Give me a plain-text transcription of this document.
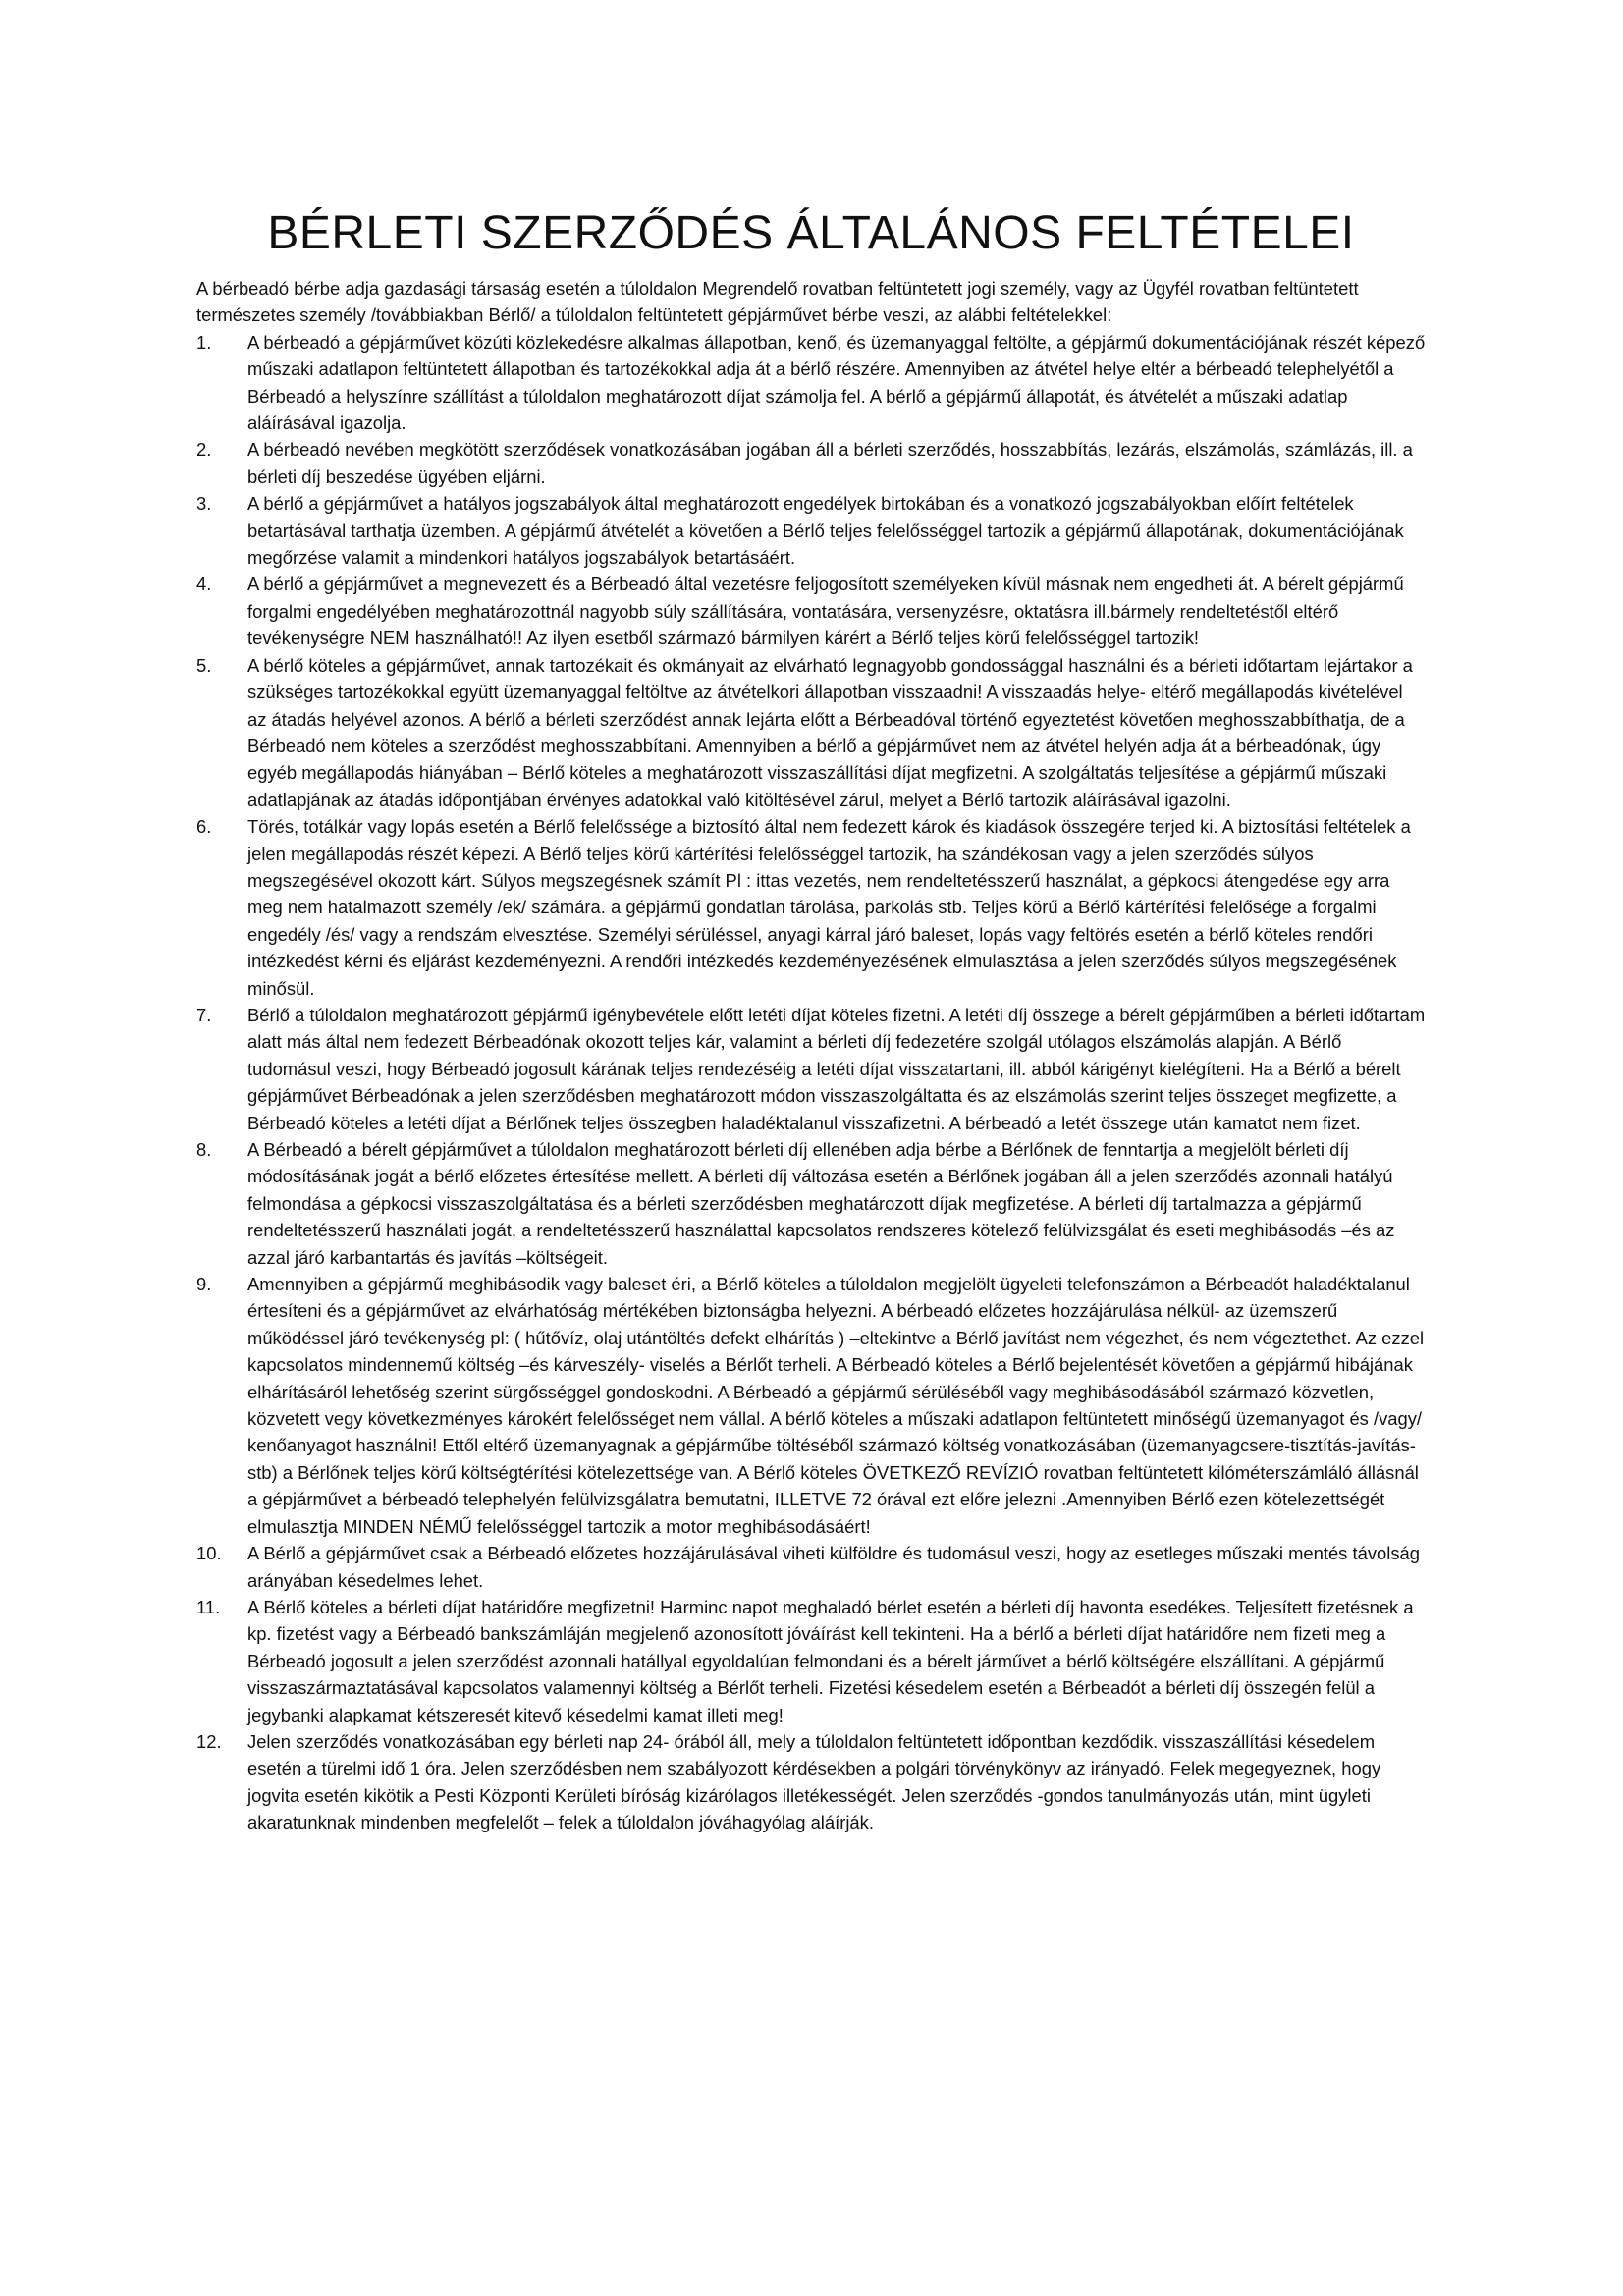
BÉRLETI SZERZŐDÉS ÁLTALÁNOS FELTÉTELEI

A bérbeadó bérbe adja gazdasági társaság esetén a túloldalon Megrendelő rovatban feltüntetett jogi személy, vagy az Ügyfél rovatban feltüntetett természetes személy /továbbiakban Bérlő/ a túloldalon feltüntetett gépjárművet bérbe veszi, az alábbi feltételekkel:

1.	A bérbeadó a gépjárművet közúti közlekedésre alkalmas állapotban, kenő, és üzemanyaggal feltölte, a gépjármű dokumentációjának részét képező műszaki adatlapon feltüntetett állapotban és tartozékokkal adja át a bérlő részére. Amennyiben az átvétel helye eltér a bérbeadó telephelyétől a Bérbeadó a helyszínre szállítást a túloldalon meghatározott díjat számolja fel. A bérlő a gépjármű állapotát, és átvételét a műszaki adatlap aláírásával igazolja.
2.	A bérbeadó nevében megkötött szerződések vonatkozásában jogában áll a bérleti szerződés, hosszabbítás, lezárás, elszámolás, számlázás, ill. a bérleti díj beszedése ügyében eljárni.
3.	A bérlő a gépjárművet a hatályos jogszabályok által meghatározott engedélyek birtokában és a vonatkozó jogszabályokban előírt feltételek betartásával tarthatja üzemben. A gépjármű átvételét a követően a Bérlő teljes felelősséggel tartozik a gépjármű állapotának, dokumentációjának megőrzése valamit a mindenkori hatályos jogszabályok betartásáért.
4.	A bérlő a gépjárművet a megnevezett és a Bérbeadó által vezetésre feljogosított személyeken kívül másnak nem engedheti át. A bérelt gépjármű forgalmi engedélyében meghatározottnál nagyobb súly szállítására, vontatására, versenyzésre, oktatásra ill.bármely rendeltetéstől eltérő tevékenységre NEM használható!! Az ilyen esetből származó bármilyen kárért a Bérlő teljes körű felelősséggel tartozik!
5.	A bérlő köteles a gépjárművet, annak tartozékait és okmányait az elvárható legnagyobb gondossággal használni és a bérleti időtartam lejártakor a szükséges tartozékokkal együtt üzemanyaggal feltöltve az átvételkori állapotban visszaadni! A visszaadás helye- eltérő megállapodás kivételével az átadás helyével azonos. A bérlő a bérleti szerződést annak lejárta előtt a Bérbeadóval történő egyeztetést követően meghosszabbíthatja, de a Bérbeadó nem köteles a szerződést meghosszabbítani. Amennyiben a bérlő a gépjárművet nem az átvétel helyén adja át a bérbeadónak, úgy egyéb megállapodás hiányában – Bérlő köteles a meghatározott visszaszállítási díjat megfizetni. A szolgáltatás teljesítése a gépjármű műszaki adatlapjának az átadás időpontjában érvényes adatokkal való kitöltésével zárul, melyet a Bérlő tartozik aláírásával igazolni.
6.	Törés, totálkár vagy lopás esetén a Bérlő felelőssége a biztosító által nem fedezett károk és kiadások összegére terjed ki. A biztosítási feltételek a jelen megállapodás részét képezi. A Bérlő teljes körű kártérítési felelősséggel tartozik, ha szándékosan vagy a jelen szerződés súlyos megszegésével okozott kárt. Súlyos megszegésnek számít Pl : ittas vezetés, nem rendeltetésszerű használat, a gépkocsi átengedése egy arra meg nem hatalmazott személy /ek/ számára. a gépjármű gondatlan tárolása, parkolás stb. Teljes körű a Bérlő kártérítési felelősége a forgalmi engedély /és/ vagy a rendszám elvesztése. Személyi sérüléssel, anyagi kárral járó baleset, lopás vagy feltörés esetén a bérlő köteles rendőri intézkedést kérni és eljárást kezdeményezni. A rendőri intézkedés kezdeményezésének elmulasztása a jelen szerződés súlyos megszegésének minősül.
7.	Bérlő a túloldalon meghatározott gépjármű igénybevétele előtt letéti díjat köteles fizetni. A letéti díj összege a bérelt gépjárműben a bérleti időtartam alatt más által nem fedezett Bérbeadónak okozott teljes kár, valamint a bérleti díj fedezetére szolgál utólagos elszámolás alapján. A Bérlő tudomásul veszi, hogy Bérbeadó jogosult kárának teljes rendezéséig a letéti díjat visszatartani, ill. abból kárigényt kielégíteni. Ha a Bérlő a bérelt gépjárművet Bérbeadónak a jelen szerződésben meghatározott módon visszaszolgáltatta és az elszámolás szerint teljes összeget megfizette, a Bérbeadó köteles a letéti díjat a Bérlőnek teljes összegben haladéktalanul visszafizetni. A bérbeadó a letét összege után kamatot nem fizet.
8.	A Bérbeadó a bérelt gépjárművet a túloldalon meghatározott bérleti díj ellenében adja bérbe a Bérlőnek de fenntartja a megjelölt bérleti díj módosításának jogát a bérlő előzetes értesítése mellett. A bérleti díj változása esetén a Bérlőnek jogában áll a jelen szerződés azonnali hatályú felmondása a gépkocsi visszaszolgáltatása és a bérleti szerződésben meghatározott díjak megfizetése. A bérleti díj tartalmazza a gépjármű rendeltetésszerű használati jogát, a rendeltetésszerű használattal kapcsolatos rendszeres kötelező felülvizsgálat és eseti meghibásodás –és az azzal járó karbantartás és javítás –költségeit.
9.	Amennyiben a gépjármű meghibásodik vagy baleset éri, a Bérlő köteles a túloldalon megjelölt ügyeleti telefonszámon a Bérbeadót haladéktalanul értesíteni és a gépjárművet az elvárhatóság mértékében biztonságba helyezni. A bérbeadó előzetes hozzájárulása nélkül- az üzemszerű működéssel járó tevékenység pl: ( hűtővíz, olaj utántöltés defekt elhárítás ) –eltekintve a Bérlő javítást nem végezhet, és nem végeztethet. Az ezzel kapcsolatos mindennemű költség –és kárveszély- viselés a Bérlőt terheli. A Bérbeadó köteles a Bérlő bejelentését követően a gépjármű hibájának elhárításáról lehetőség szerint sürgősséggel gondoskodni. A Bérbeadó a gépjármű sérüléséből vagy meghibásodásából származó közvetlen, közvetett vegy következményes károkért felelősséget nem vállal. A bérlő köteles a műszaki adatlapon feltüntetett minőségű üzemanyagot és /vagy/ kenőanyagot használni! Ettől eltérő üzemanyagnak a gépjárműbe töltéséből származó költség vonatkozásában (üzemanyagcsere-tisztítás-javítás-stb) a Bérlőnek teljes körű költségtérítési kötelezettsége van. A Bérlő köteles ÖVETKEZŐ REVÍZIÓ rovatban feltüntetett kilóméterszámláló állásnál a gépjárművet a bérbeadó telephelyén felülvizsgálatra bemutatni, ILLETVE 72 órával ezt előre jelezni .Amennyiben Bérlő ezen kötelezettségét elmulasztja MINDEN NÉMŰ felelősséggel tartozik a motor meghibásodásáért!
10.	A Bérlő a gépjárművet csak a Bérbeadó előzetes hozzájárulásával viheti külföldre és tudomásul veszi, hogy az esetleges műszaki mentés távolság arányában késedelmes lehet.
11.	A Bérlő köteles a bérleti díjat határidőre megfizetni! Harminc napot meghaladó bérlet esetén a bérleti díj havonta esedékes. Teljesített fizetésnek a kp. fizetést vagy a Bérbeadó bankszámláján megjelenő azonosított jóváírást kell tekinteni. Ha a bérlő a bérleti díjat határidőre nem fizeti meg a Bérbeadó jogosult a jelen szerződést azonnali hatállyal egyoldalúan felmondani és a bérelt járművet a bérlő költségére elszállítani. A gépjármű visszaszármaztatásával kapcsolatos valamennyi költség a Bérlőt terheli. Fizetési késedelem esetén a Bérbeadót a bérleti díj összegén felül a jegybanki alapkamat kétszeresét kitevő késedelmi kamat illeti meg!
12.	Jelen szerződés vonatkozásában egy bérleti nap 24- órából áll, mely a túloldalon feltüntetett időpontban kezdődik. visszaszállítási késedelem esetén a türelmi idő 1 óra. Jelen szerződésben nem szabályozott kérdésekben a polgári törvénykönyv az irányadó. Felek megegyeznek, hogy jogvita esetén kikötik a Pesti Központi Kerületi bíróság kizárólagos illetékességét. Jelen szerződés -gondos tanulmányozás után, mint ügyleti akaratunknak mindenben megfelelőt – felek a túloldalon jóváhagyólag aláírják.
